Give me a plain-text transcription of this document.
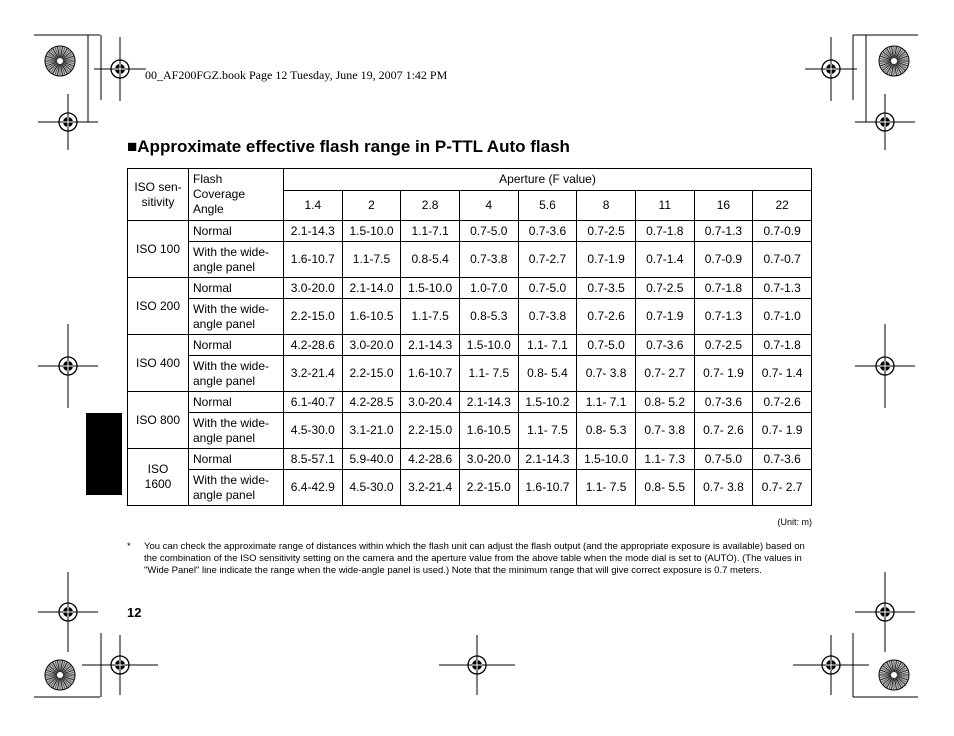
00_AF200FGZ.book Page 12 Tuesday, June 19, 2007 1:42 PM
■Approximate effective flash range in P-TTL Auto flash
ISO sen-
sitivity	Flash
Coverage
Angle	Aperture (F value)								
		1.4	2	2.8	4	5.6	8	11	16	22
ISO 100	Normal	2.1-14.3	1.5-10.0	1.1-7.1	0.7-5.0	0.7-3.6	0.7-2.5	0.7-1.8	0.7-1.3	0.7-0.9
	With the wide-
angle panel	1.6-10.7	1.1-7.5	0.8-5.4	0.7-3.8	0.7-2.7	0.7-1.9	0.7-1.4	0.7-0.9	0.7-0.7
ISO 200	Normal	3.0-20.0	2.1-14.0	1.5-10.0	1.0-7.0	0.7-5.0	0.7-3.5	0.7-2.5	0.7-1.8	0.7-1.3
	With the wide-
angle panel	2.2-15.0	1.6-10.5	1.1-7.5	0.8-5.3	0.7-3.8	0.7-2.6	0.7-1.9	0.7-1.3	0.7-1.0
ISO 400	Normal	4.2-28.6	3.0-20.0	2.1-14.3	1.5-10.0	1.1- 7.1	0.7-5.0	0.7-3.6	0.7-2.5	0.7-1.8
	With the wide-
angle panel	3.2-21.4	2.2-15.0	1.6-10.7	1.1- 7.5	0.8- 5.4	0.7- 3.8	0.7- 2.7	0.7- 1.9	0.7- 1.4
ISO 800	Normal	6.1-40.7	4.2-28.5	3.0-20.4	2.1-14.3	1.5-10.2	1.1- 7.1	0.8- 5.2	0.7-3.6	0.7-2.6
	With the wide-
angle panel	4.5-30.0	3.1-21.0	2.2-15.0	1.6-10.5	1.1- 7.5	0.8- 5.3	0.7- 3.8	0.7- 2.6	0.7- 1.9
ISO
1600	Normal	8.5-57.1	5.9-40.0	4.2-28.6	3.0-20.0	2.1-14.3	1.5-10.0	1.1- 7.3	0.7-5.0	0.7-3.6
	With the wide-
angle panel	6.4-42.9	4.5-30.0	3.2-21.4	2.2-15.0	1.6-10.7	1.1- 7.5	0.8- 5.5	0.7- 3.8	0.7- 2.7
(Unit: m)
* You can check the approximate range of distances within which the flash unit can adjust the flash output (and the appropriate exposure is available) based on the combination of the ISO sensitivity setting on the camera and the aperture value from the above table when the mode dial is set to (AUTO). (The values in "Wide Panel" line indicate the range when the wide-angle panel is used.) Note that the minimum range that will give correct exposure is 0.7 meters.
12
